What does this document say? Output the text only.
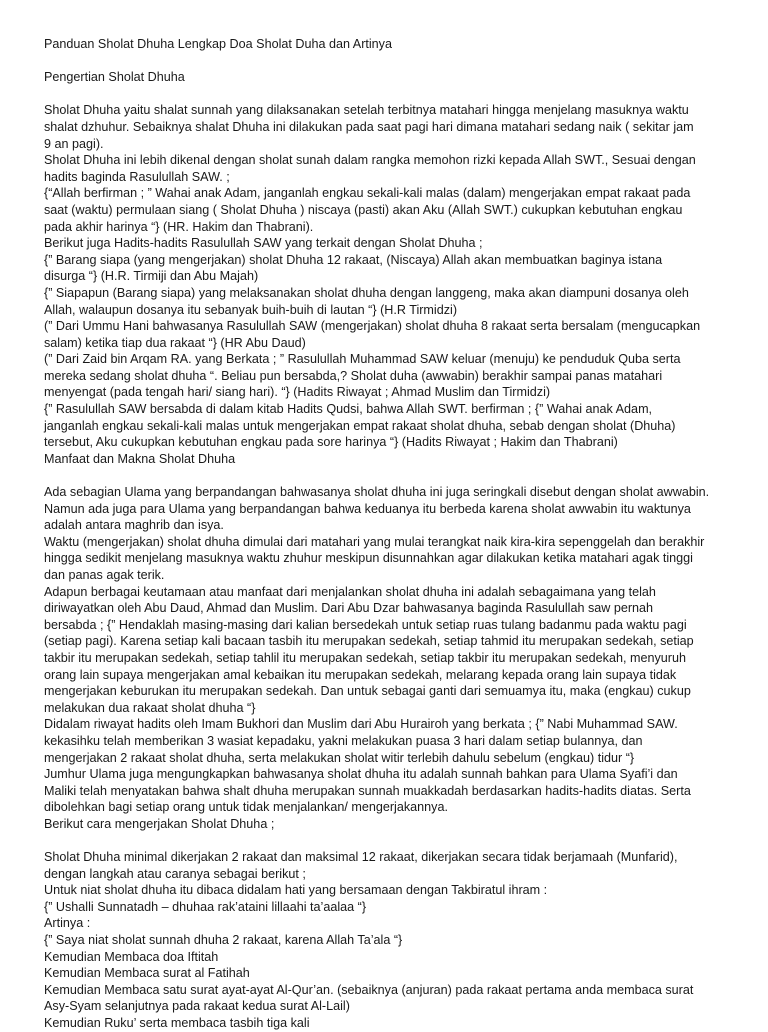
Panduan Sholat Dhuha Lengkap Doa Sholat Duha dan Artinya
Pengertian Sholat Dhuha
Sholat Dhuha yaitu shalat sunnah yang dilaksanakan setelah terbitnya matahari hingga menjelang masuknya waktu
shalat dzhuhur. Sebaiknya shalat Dhuha ini dilakukan pada saat pagi hari dimana matahari sedang naik ( sekitar jam
9 an pagi).
Sholat Dhuha ini lebih dikenal dengan sholat sunah dalam rangka memohon rizki kepada Allah SWT., Sesuai dengan
hadits baginda Rasulullah SAW. ;
{“Allah berfirman ; ” Wahai anak Adam, janganlah engkau sekali-kali malas (dalam) mengerjakan empat rakaat pada
saat (waktu) permulaan siang ( Sholat Dhuha ) niscaya (pasti) akan Aku (Allah SWT.) cukupkan kebutuhan engkau
pada akhir harinya “} (HR. Hakim dan Thabrani).
Berikut juga Hadits-hadits Rasulullah SAW yang terkait dengan Sholat Dhuha ;
{” Barang siapa (yang mengerjakan) sholat Dhuha 12 rakaat, (Niscaya) Allah akan membuatkan baginya istana
disurga “} (H.R. Tirmiji dan Abu Majah)
{” Siapapun (Barang siapa) yang melaksanakan sholat dhuha dengan langgeng, maka akan diampuni dosanya oleh
Allah, walaupun dosanya itu sebanyak buih-buih di lautan “} (H.R Tirmidzi)
(” Dari Ummu Hani bahwasanya Rasulullah SAW (mengerjakan) sholat dhuha 8 rakaat serta bersalam (mengucapkan
salam) ketika tiap dua rakaat “} (HR Abu Daud)
(” Dari Zaid bin Arqam RA. yang Berkata ; ” Rasulullah Muhammad SAW keluar (menuju) ke penduduk Quba serta
mereka sedang sholat dhuha “. Beliau pun bersabda,? Sholat duha (awwabin) berakhir sampai panas matahari
menyengat (pada tengah hari/ siang hari). “} (Hadits Riwayat ; Ahmad Muslim dan Tirmidzi)
{” Rasulullah SAW bersabda di dalam kitab Hadits Qudsi, bahwa Allah SWT. berfirman ; {” Wahai anak Adam,
janganlah engkau sekali-kali malas untuk mengerjakan empat rakaat sholat dhuha, sebab dengan sholat (Dhuha)
tersebut, Aku cukupkan kebutuhan engkau pada sore harinya “} (Hadits Riwayat ; Hakim dan Thabrani)
Manfaat dan Makna Sholat Dhuha
Ada sebagian Ulama yang berpandangan bahwasanya sholat dhuha ini juga seringkali disebut dengan sholat awwabin.
Namun ada juga para Ulama yang berpandangan bahwa keduanya itu berbeda karena sholat awwabin itu waktunya
adalah antara maghrib dan isya.
Waktu (mengerjakan) sholat dhuha dimulai dari matahari yang mulai terangkat naik kira-kira sepenggelah dan berakhir
hingga sedikit menjelang masuknya waktu zhuhur meskipun disunnahkan agar dilakukan ketika matahari agak tinggi
dan panas agak terik.
Adapun berbagai keutamaan atau manfaat dari menjalankan sholat dhuha ini adalah sebagaimana yang telah
diriwayatkan oleh Abu Daud, Ahmad dan Muslim. Dari Abu Dzar bahwasanya baginda Rasulullah saw pernah
bersabda ; {” Hendaklah masing-masing dari kalian bersedekah untuk setiap ruas tulang badanmu pada waktu pagi
(setiap pagi). Karena setiap kali bacaan tasbih itu merupakan sedekah, setiap tahmid itu merupakan sedekah, setiap
takbir itu merupakan sedekah, setiap tahlil itu merupakan sedekah, setiap takbir itu merupakan sedekah, menyuruh
orang lain supaya mengerjakan amal kebaikan itu merupakan sedekah, melarang kepada orang lain supaya tidak
mengerjakan keburukan itu merupakan sedekah. Dan untuk sebagai ganti dari semuamya itu, maka (engkau) cukup
melakukan dua rakaat sholat dhuha “}
Didalam riwayat hadits oleh Imam Bukhori dan Muslim dari Abu Hurairoh yang berkata ; {” Nabi Muhammad SAW.
kekasihku telah memberikan 3 wasiat kepadaku, yakni melakukan puasa 3 hari dalam setiap bulannya, dan
mengerjakan 2 rakaat sholat dhuha, serta melakukan sholat witir terlebih dahulu sebelum (engkau) tidur “}
Jumhur Ulama juga mengungkapkan bahwasanya sholat dhuha itu adalah sunnah bahkan para Ulama Syafi’i dan
Maliki telah menyatakan bahwa shalt dhuha merupakan sunnah muakkadah berdasarkan hadits-hadits diatas. Serta
dibolehkan bagi setiap orang untuk tidak menjalankan/ mengerjakannya.
Berikut cara mengerjakan Sholat Dhuha ;
Sholat Dhuha minimal dikerjakan 2 rakaat dan maksimal 12 rakaat, dikerjakan secara tidak berjamaah (Munfarid),
dengan langkah atau caranya sebagai berikut ;
Untuk niat sholat dhuha itu dibaca didalam hati yang bersamaan dengan Takbiratul ihram :
{” Ushalli Sunnatadh – dhuhaa rak’ataini lillaahi ta’aalaa “}
Artinya :
{” Saya niat sholat sunnah dhuha 2 rakaat, karena Allah Ta’ala “}
Kemudian Membaca doa Iftitah
Kemudian Membaca surat al Fatihah
Kemudian Membaca satu surat ayat-ayat Al-Qur’an. (sebaiknya (anjuran) pada rakaat pertama anda membaca surat
Asy-Syam selanjutnya pada rakaat kedua surat Al-Lail)
Kemudian Ruku’ serta membaca tasbih tiga kali
